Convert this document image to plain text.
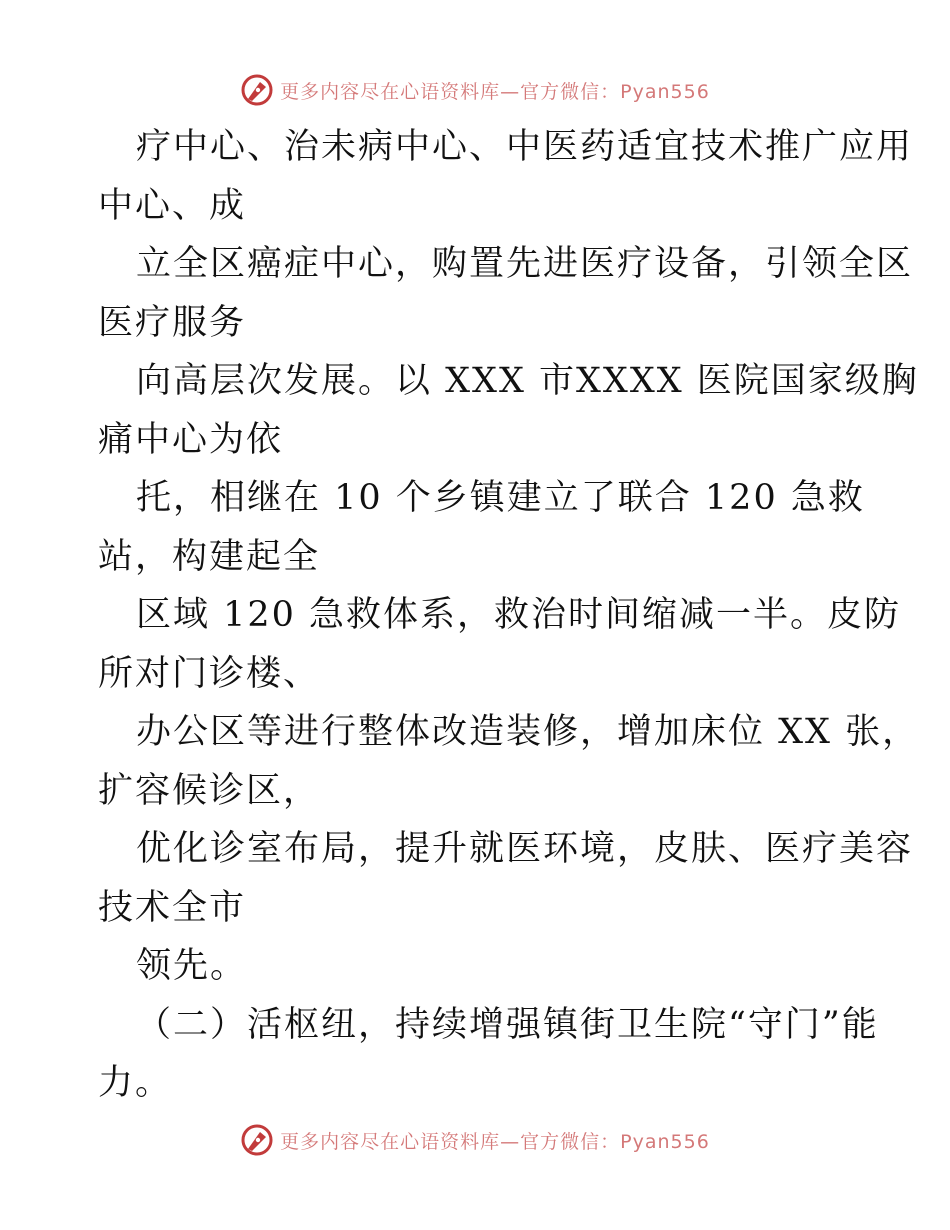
更多内容尽在心语资料库—官方微信：Pyan556
疗中心、治未病中心、中医药适宜技术推广应用
中心、成
立全区癌症中心，购置先进医疗设备，引领全区
医疗服务
向高层次发展。以 XXX 市XXXX 医院国家级胸
痛中心为依
托，相继在 10 个乡镇建立了联合 120 急救
站，构建起全
区域 120 急救体系，救治时间缩减一半。皮防
所对门诊楼、
办公区等进行整体改造装修，增加床位 XX 张，
扩容候诊区，
优化诊室布局，提升就医环境，皮肤、医疗美容
技术全市
领先。
（二）活枢纽，持续增强镇街卫生院“守门”能
力。
更多内容尽在心语资料库—官方微信：Pyan556
